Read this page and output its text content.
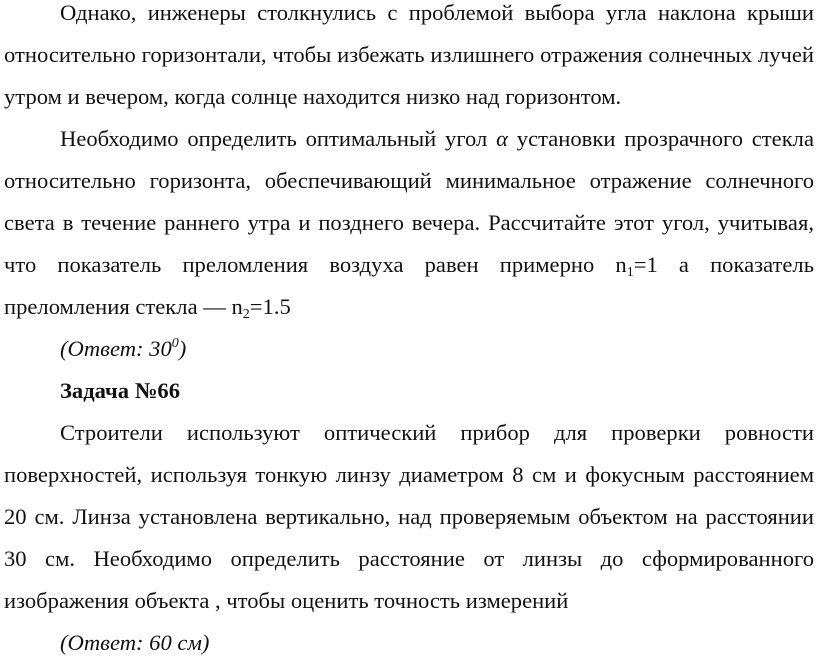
Однако, инженеры столкнулись с проблемой выбора угла наклона крыши относительно горизонтали, чтобы избежать излишнего отражения солнечных лучей утром и вечером, когда солнце находится низко над горизонтом.

Необходимо определить оптимальный угол α установки прозрачного стекла относительно горизонта, обеспечивающий минимальное отражение солнечного света в течение раннего утра и позднего вечера. Рассчитайте этот угол, учитывая, что показатель преломления воздуха равен примерно $n_1=1$ а показатель преломления стекла — $n_2=1.5$

(Ответ: $30^0$)

Задача №66

Строители используют оптический прибор для проверки ровности поверхностей, используя тонкую линзу диаметром 8 см и фокусным расстоянием 20 см. Линза установлена вертикально, над проверяемым объектом на расстоянии 30 см. Необходимо определить расстояние от линзы до сформированного изображения объекта , чтобы оценить точность измерений

(Ответ: 60 см)
